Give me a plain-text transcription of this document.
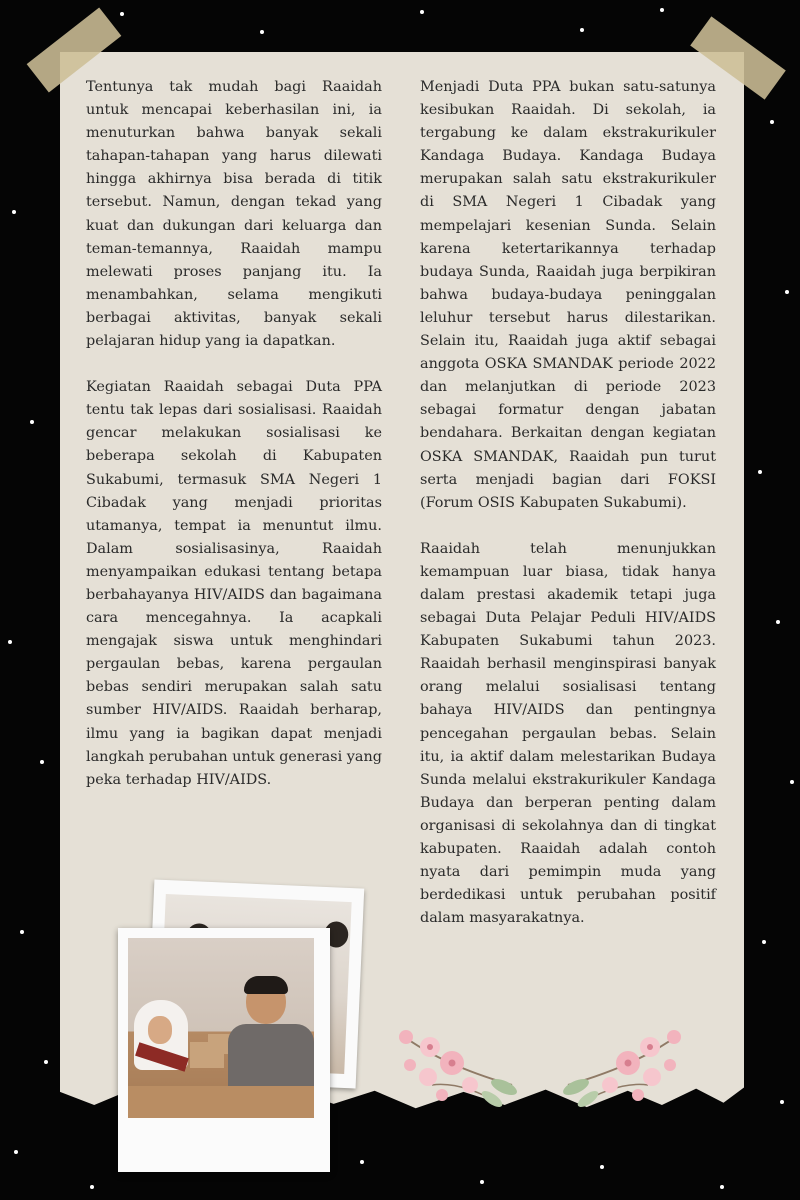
Tentunya tak mudah bagi Raaidah untuk mencapai keberhasilan ini, ia menuturkan bahwa banyak sekali tahapan-tahapan yang harus dilewati hingga akhirnya bisa berada di titik tersebut. Namun, dengan tekad yang kuat dan dukungan dari keluarga dan teman-temannya, Raaidah mampu melewati proses panjang itu. Ia menambahkan, selama mengikuti berbagai aktivitas, banyak sekali pelajaran hidup yang ia dapatkan.

Kegiatan Raaidah sebagai Duta PPA tentu tak lepas dari sosialisasi. Raaidah gencar melakukan sosialisasi ke beberapa sekolah di Kabupaten Sukabumi, termasuk SMA Negeri 1 Cibadak yang menjadi prioritas utamanya, tempat ia menuntut ilmu. Dalam sosialisasinya, Raaidah menyampaikan edukasi tentang betapa berbahayanya HIV/AIDS dan bagaimana cara mencegahnya. Ia acapkali mengajak siswa untuk menghindari pergaulan bebas, karena pergaulan bebas sendiri merupakan salah satu sumber HIV/AIDS. Raaidah berharap, ilmu yang ia bagikan dapat menjadi langkah perubahan untuk generasi yang peka terhadap HIV/AIDS.

Menjadi Duta PPA bukan satu-satunya kesibukan Raaidah. Di sekolah, ia tergabung ke dalam ekstrakurikuler Kandaga Budaya. Kandaga Budaya merupakan salah satu ekstrakurikuler di SMA Negeri 1 Cibadak yang mempelajari kesenian Sunda. Selain karena ketertarikannya terhadap budaya Sunda, Raaidah juga berpikiran bahwa budaya-budaya peninggalan leluhur tersebut harus dilestarikan. Selain itu, Raaidah juga aktif sebagai anggota OSKA SMANDAK periode 2022 dan melanjutkan di periode 2023 sebagai formatur dengan jabatan bendahara. Berkaitan dengan kegiatan OSKA SMANDAK, Raaidah pun turut serta menjadi bagian dari FOKSI (Forum OSIS Kabupaten Sukabumi).

Raaidah telah menunjukkan kemampuan luar biasa, tidak hanya dalam prestasi akademik tetapi juga sebagai Duta Pelajar Peduli HIV/AIDS Kabupaten Sukabumi tahun 2023. Raaidah berhasil menginspirasi banyak orang melalui sosialisasi tentang bahaya HIV/AIDS dan pentingnya pencegahan pergaulan bebas. Selain itu, ia aktif dalam melestarikan Budaya Sunda melalui ekstrakurikuler Kandaga Budaya dan berperan penting dalam organisasi di sekolahnya dan di tingkat kabupaten. Raaidah adalah contoh nyata dari pemimpin muda yang berdedikasi untuk perubahan positif dalam masyarakatnya.
